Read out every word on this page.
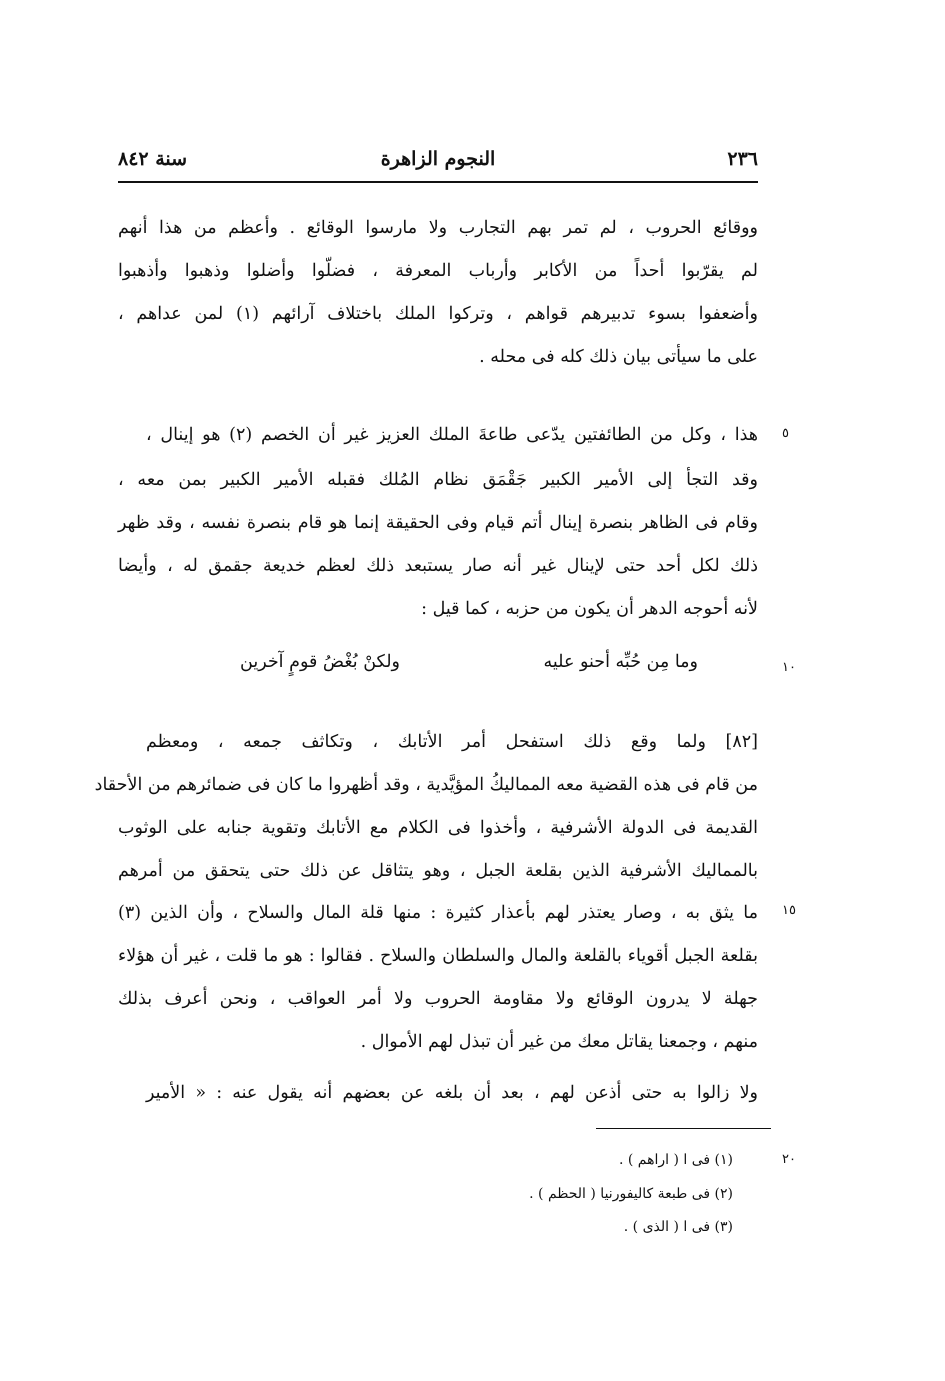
٢٣٦
النجوم الزاهرة
سنة ٨٤٢
ووقائع الحروب ، لم تمر بهم التجارب ولا مارسوا الوقائع . وأعظم من هذا أنهم
لم يقرّبوا أحداً من الأكابر وأرباب المعرفة ، فضلّوا وأضلوا وذهبوا وأذهبوا
وأضعفوا بسوء تدبيرهم قواهم ، وتركوا الملك باختلاف آرائهم (١) لمن عداهم ،
على ما سيأتى بيان ذلك كله فى محله .
هذا ، وكل من الطائفتين يدّعى طاعةَ الملك العزيز غير أن الخصم (٢) هو إينال ،
وقد التجأ إلى الأمير الكبير جَقْمَق نظام المُلك فقبله الأمير الكبير بمن معه ،
وقام فى الظاهر بنصرة إينال أتم قيام وفى الحقيقة إنما هو قام بنصرة نفسه ، وقد ظهر
ذلك لكل أحد حتى لإينال غير أنه صار يستبعد ذلك لعظم خديعة جقمق له ، وأيضا
لأنه أحوجه الدهر أن يكون من حزبه ، كما قيل :
وما مِن حُبِّه أحنو عليه
ولكنْ بُغْضُ قومٍ آخرين
[٨٢] ولما وقع ذلك استفحل أمر الأتابك ، وتكاثف جمعه ، ومعظم
من قام فى هذه القضية معه المماليكُ المؤيَّدية ، وقد أظهروا ما كان فى ضمائرهم من الأحقاد
القديمة فى الدولة الأشرفية ، وأخذوا فى الكلام مع الأتابك وتقوية جنابه على الوثوب
بالمماليك الأشرفية الذين بقلعة الجبل ، وهو يتثاقل عن ذلك حتى يتحقق من أمرهم
ما يثق به ، وصار يعتذر لهم بأعذار كثيرة : منها قلة المال والسلاح ، وأن الذين (٣)
بقلعة الجبل أقوياء بالقلعة والمال والسلطان والسلاح . فقالوا : هو ما قلت ، غير أن هؤلاء
جهلة لا يدرون الوقائع ولا مقاومة الحروب ولا أمر العواقب ، ونحن أعرف بذلك
منهم ، وجمعنا يقاتل معك من غير أن تبذل لهم الأموال .
ولا زالوا به حتى أذعن لهم ، بعد أن بلغه عن بعضهم أنه يقول عنه : « الأمير
٥
١٠
١٥
٢٠
(١) فى ا ( اراهم ) .
(٢) فى طبعة كاليفورنيا ( الحظم ) .
(٣) فى ا ( الذى ) .
